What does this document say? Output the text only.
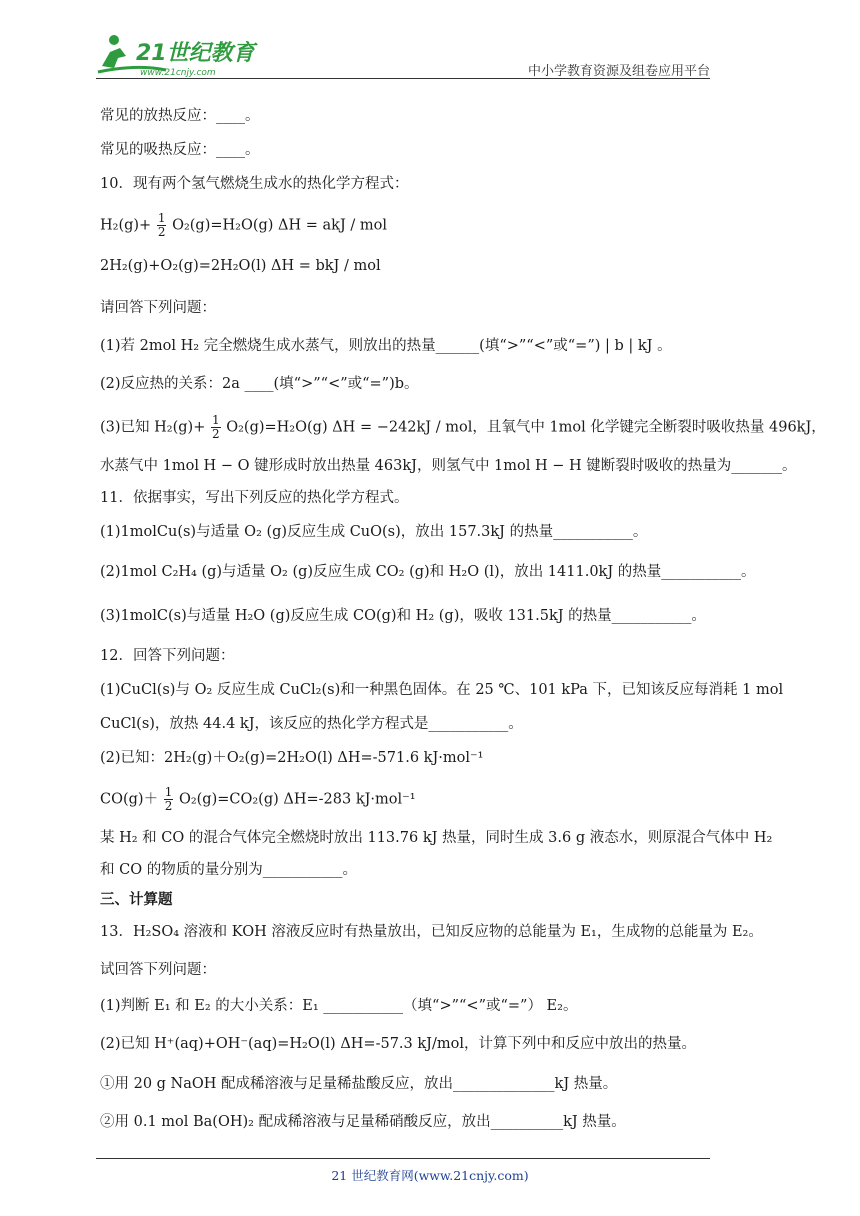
21世纪教育
www.21cnjy.com	中小学教育资源及组卷应用平台
常见的放热反应：____。
常见的吸热反应：____。
10．现有两个氢气燃烧生成水的热化学方程式：
$H_2(g)+ \frac{1}{2} O_2(g)=H_2O(g) \Delta H$ = akJ / mol
2H₂(g)+O₂(g)=2H₂O(l) ΔH = bkJ / mol
请回答下列问题：
(1)若 2mol H₂ 完全燃烧生成水蒸气，则放出的热量______(填“>”“<”或“=”) | b | kJ 。
(2)反应热的关系：2a ____(填“>”“<”或“=”)b。
(3)已知 $H_2(g)+ \frac{1}{2} O_2(g)=H_2O(g) \Delta H = -242kJ$ / mol，且氧气中 1mol 化学键完全断裂时吸收热量 496kJ，
水蒸气中 1mol H − O 键形成时放出热量 463kJ，则氢气中 1mol H − H 键断裂时吸收的热量为_______。
11．依据事实，写出下列反应的热化学方程式。
(1)1molCu(s)与适量 O₂ (g)反应生成 CuO(s)，放出 157.3kJ 的热量___________。
(2)1mol C₂H₄ (g)与适量 O₂ (g)反应生成 CO₂ (g)和 H₂O (l)，放出 1411.0kJ 的热量___________。
(3)1molC(s)与适量 H₂O (g)反应生成 CO(g)和 H₂ (g)，吸收 131.5kJ 的热量___________。
12．回答下列问题：
(1)CuCl(s)与 O₂ 反应生成 CuCl₂(s)和一种黑色固体。在 25 ℃、101 kPa 下，已知该反应每消耗 1 mol
CuCl(s)，放热 44.4 kJ，该反应的热化学方程式是___________。
(2)已知：2H₂(g)＋O₂(g)=2H₂O(l) ΔH=-571.6 kJ·mol⁻¹
$CO(g)+ \frac{1}{2} O_2(g)=CO_2(g)$ ΔH=-283 kJ·mol⁻¹
某 H₂ 和 CO 的混合气体完全燃烧时放出 113.76 kJ 热量，同时生成 3.6 g 液态水，则原混合气体中 H₂
和 CO 的物质的量分别为___________。
三、计算题
13．H₂SO₄ 溶液和 KOH 溶液反应时有热量放出，已知反应物的总能量为 E₁，生成物的总能量为 E₂。
试回答下列问题：
(1)判断 E₁ 和 E₂ 的大小关系：E₁ ___________（填“>”“<”或“=”） E₂。
(2)已知 H⁺(aq)+OH⁻(aq)=H₂O(l) ΔH=-57.3 kJ/mol，计算下列中和反应中放出的热量。
①用 20 g NaOH 配成稀溶液与足量稀盐酸反应，放出______________kJ 热量。
②用 0.1 mol Ba(OH)₂ 配成稀溶液与足量稀硝酸反应，放出__________kJ 热量。
21 世纪教育网(www.21cnjy.com)
